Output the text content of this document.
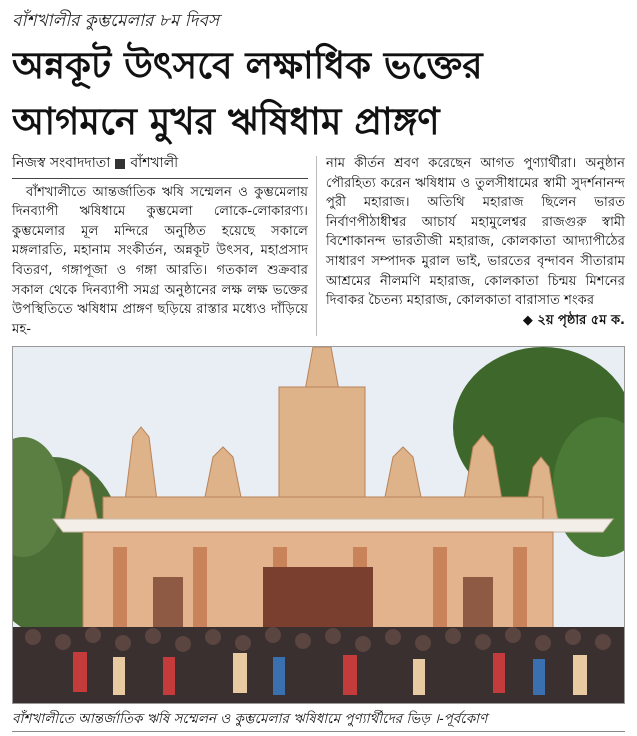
বাঁশখালীর কুম্ভমেলার ৮ম দিবস
অন্নকূট উৎসবে লক্ষাধিক ভক্তের
আগমনে মুখর ঋষিধাম প্রাঙ্গণ
নিজস্ব সংবাদদাতা বাঁশখালী
বাঁশখালীতে আন্তর্জাতিক ঋষি সম্মেলন ও কুম্ভমেলায় দিনব্যাপী ঋষিধামে কুম্ভমেলা লোকে-লোকারণ্য। কুম্ভমেলার মূল মন্দিরে অনুষ্ঠিত হয়েছে সকালে মঙ্গলারতি, মহানাম সংকীর্তন, অন্নকূট উৎসব, মহাপ্রসাদ বিতরণ, গঙ্গাপূজা ও গঙ্গা আরতি। গতকাল শুক্রবার সকাল থেকে দিনব্যাপী সমগ্র অনুষ্ঠানের লক্ষ লক্ষ ভক্তের উপস্থিতিতে ঋষিধাম প্রাঙ্গণ ছড়িয়ে রাস্তার মধ্যেও দাঁড়িয়ে মহ-
নাম কীর্তন শ্রবণ করেছেন আগত পুণ্যার্থীরা। অনুষ্ঠান পৌরহিত্য করেন ঋষিধাম ও তুলসীধামের স্বামী সুদর্শনানন্দ পুরী মহারাজ। অতিথি মহারাজ ছিলেন ভারত নির্বাণপীঠাধীশ্বর আচার্য মহামুলেশ্বর রাজগুরু স্বামী বিশোকানন্দ ভারতীজী মহারাজ, কোলকাতা আদ্যাপীঠের সাধারণ সম্পাদক মুরাল ভাই, ভারতের বৃন্দাবন সীতারাম আশ্রমের নীলমণি মহারাজ, কোলকাতা চিন্ময় মিশনের দিবাকর চৈতন্য মহারাজ, কোলকাতা বারাসাত শংকর
◆ ২য় পৃষ্ঠার ৫ম ক.
বাঁশখালীতে আন্তর্জাতিক ঋষি সম্মেলন ও কুম্ভমেলার ঋষিধামে পুণ্যার্থীদের ভিড় ।-পূর্বকোণ
